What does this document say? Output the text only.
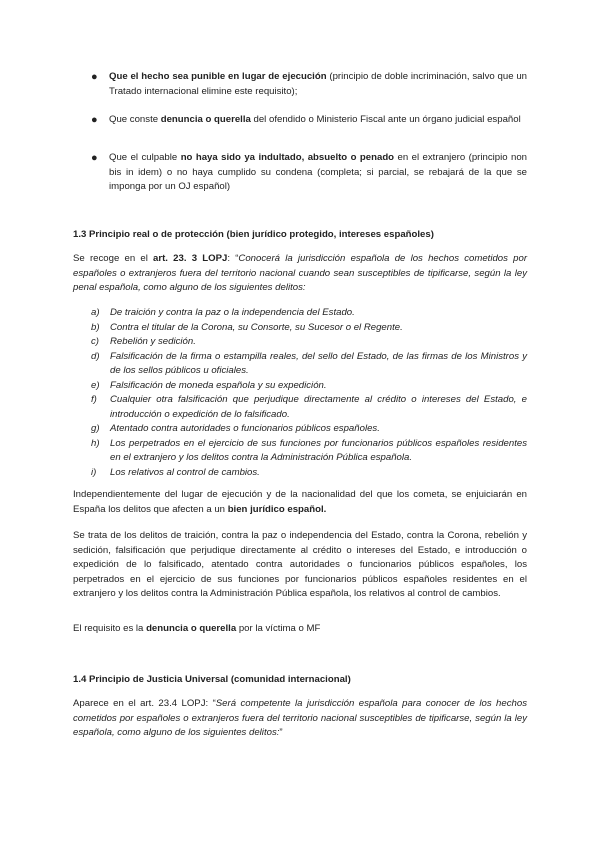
● Que el hecho sea punible en lugar de ejecución (principio de doble incriminación, salvo que un Tratado internacional elimine este requisito);
● Que conste denuncia o querella del ofendido o Ministerio Fiscal ante un órgano judicial español
● Que el culpable no haya sido ya indultado, absuelto o penado en el extranjero (principio non bis in idem) o no haya cumplido su condena (completa; si parcial, se rebajará de la que se imponga por un OJ español)

1.3 Principio real o de protección (bien jurídico protegido, intereses españoles)

Se recoge en el art. 23. 3 LOPJ: “Conocerá la jurisdicción española de los hechos cometidos por españoles o extranjeros fuera del territorio nacional cuando sean susceptibles de tipificarse, según la ley penal española, como alguno de los siguientes delitos:

a) De traición y contra la paz o la independencia del Estado.
b) Contra el titular de la Corona, su Consorte, su Sucesor o el Regente.
c) Rebelión y sedición.
d) Falsificación de la firma o estampilla reales, del sello del Estado, de las firmas de los Ministros y de los sellos públicos u oficiales.
e) Falsificación de moneda española y su expedición.
f) Cualquier otra falsificación que perjudique directamente al crédito o intereses del Estado, e introducción o expedición de lo falsificado.
g) Atentado contra autoridades o funcionarios públicos españoles.
h) Los perpetrados en el ejercicio de sus funciones por funcionarios públicos españoles residentes en el extranjero y los delitos contra la Administración Pública española.
i) Los relativos al control de cambios.

Independientemente del lugar de ejecución y de la nacionalidad del que los cometa, se enjuiciarán en España los delitos que afecten a un bien jurídico español.

Se trata de los delitos de traición, contra la paz o independencia del Estado, contra la Corona, rebelión y sedición, falsificación que perjudique directamente al crédito o intereses del Estado, e introducción o expedición de lo falsificado, atentado contra autoridades o funcionarios públicos españoles, los perpetrados en el ejercicio de sus funciones por funcionarios públicos españoles residentes en el extranjero y los delitos contra la Administración Pública española, los relativos al control de cambios.

El requisito es la denuncia o querella por la víctima o MF

1.4 Principio de Justicia Universal (comunidad internacional)

Aparece en el art. 23.4 LOPJ: “Será competente la jurisdicción española para conocer de los hechos cometidos por españoles o extranjeros fuera del territorio nacional susceptibles de tipificarse, según la ley española, como alguno de los siguientes delitos:”
